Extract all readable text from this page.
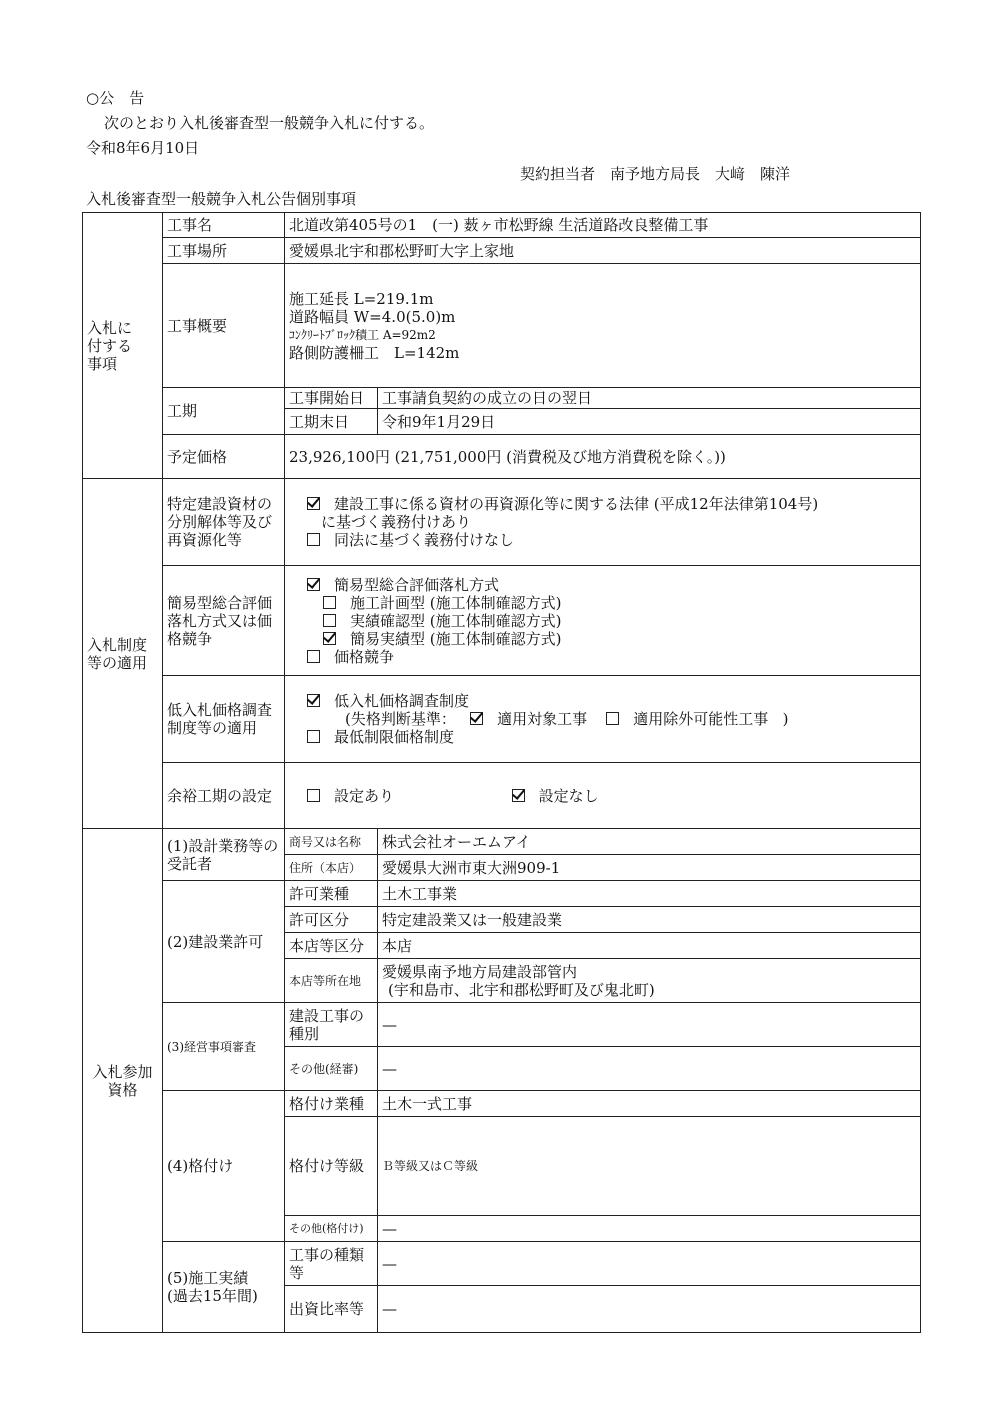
○公　告
次のとおり入札後審査型一般競争入札に付する。
令和8年6月10日
契約担当者　南予地方局長　大﨑　陳洋
入札後審査型一般競争入札公告個別事項
入札に
付する
事項	工事名	北道改第405号の1　(一) 薮ヶ市松野線 生活道路改良整備工事	
	工事場所	愛媛県北宇和郡松野町大字上家地	
	工事概要	施工延長 L=219.1m
道路幅員 W=4.0(5.0)m
ｺﾝｸﾘｰﾄﾌﾞﾛｯｸ積工 A=92m2
路側防護柵工　L=142m	

	工期	工事開始日	工事請負契約の成立の日の翌日
		工期末日	令和9年1月29日
	予定価格	23,926,100円 (21,751,000円 (消費税及び地方消費税を除く。))	

入札制度
等の適用	特定建設資材の分別解体等及び再資源化等	建設工事に係る資材の再資源化等に関する法律 (平成12年法律第104号)
に基づく義務付けあり
同法に基づく義務付けなし	

	簡易型総合評価落札方式又は価格競争	簡易型総合評価落札方式
施工計画型 (施工体制確認方式)
実績確認型 (施工体制確認方式)
簡易実績型 (施工体制確認方式)
価格競争	

	低入札価格調査制度等の適用	低入札価格調査制度
(失格判断基準： 適用対象工事 適用除外可能性工事 )
最低制限価格制度	

	余裕工期の設定	設定あり 設定なし	

入札参加
資格	(1)設計業務等の受託者	商号又は名称	株式会社オーエムアイ
		住所（本店）	愛媛県大洲市東大洲909-1
	(2)建設業許可	許可業種	土木工事業
		許可区分	特定建設業又は一般建設業
		本店等区分	本店
		本店等所在地	愛媛県南予地方局建設部管内
(宇和島市、北宇和郡松野町及び鬼北町)

	(3)経営事項審査	建設工事の種別	—
		その他(経審)	—
	(4)格付け	格付け業種	土木一式工事
		格付け等級	Ｂ等級又はＣ等級
		その他(格付け)	—

	(5)施工実績
(過去15年間)	工事の種類等	—
		出資比率等	—
